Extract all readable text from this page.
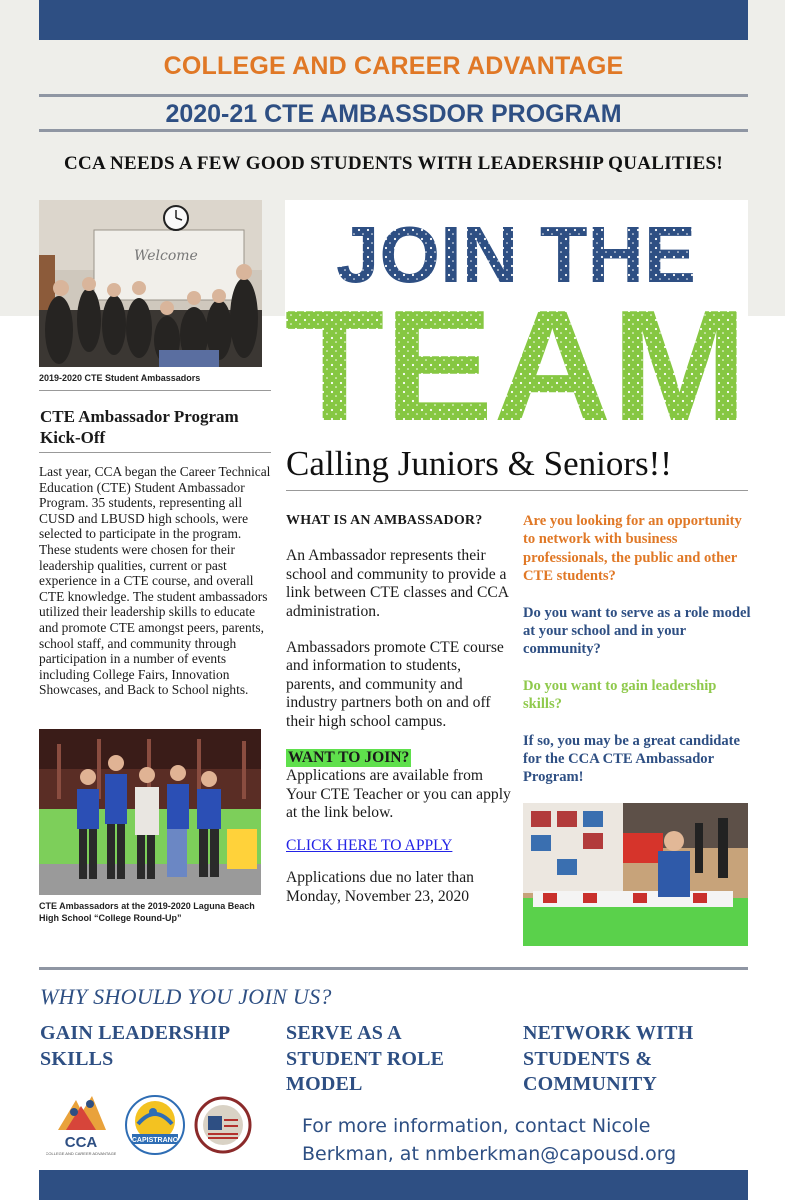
COLLEGE AND CAREER ADVANTAGE
2020-21 CTE AMBASSDOR PROGRAM
CCA NEEDS A FEW GOOD STUDENTS WITH LEADERSHIP QUALITIES!
Welcome
2019-2020 CTE Student Ambassadors
CTE Ambassador Program Kick-Off
Last year, CCA began the Career Technical Education (CTE) Student Ambassador Program. 35 students, representing all CUSD and LBUSD high schools, were selected to participate in the program. These students were chosen for their leadership qualities, current or past experience in a CTE course, and overall CTE knowledge. The student ambassadors utilized their leadership skills to educate and promote CTE amongst peers, parents, school staff, and community through participation in a number of events including College Fairs, Innovation Showcases, and Back to School nights.
CTE Ambassadors at the 2019-2020 Laguna Beach High School “College Round-Up”
Calling Juniors & Seniors!!
WHAT IS AN AMBASSADOR?

An Ambassador represents their school and community to provide a link between CTE classes and CCA administration.

Ambassadors promote CTE course and information to students, parents, and community and industry partners both on and off their high school campus.

WANT TO JOIN?

Applications are available from Your CTE Teacher or you can apply at the link below.

CLICK HERE TO APPLY

Applications due no later than Monday, November 23, 2020

Are you looking for an opportunity to network with business professionals, the public and other CTE students?

Do you want to serve as a role model at your school and in your community?

Do you want to gain leadership skills?

If so, you may be a great candidate for the CCA CTE Ambassador Program!

WHY SHOULD YOU JOIN US?
GAIN LEADERSHIP SKILLS
SERVE AS A STUDENT ROLE MODEL
NETWORK WITH STUDENTS & COMMUNITY
CCA
COLLEGE AND CAREER ADVANTAGE
CAPISTRANO
For more information, contact Nicole Berkman, at nmberkman@capousd.org
